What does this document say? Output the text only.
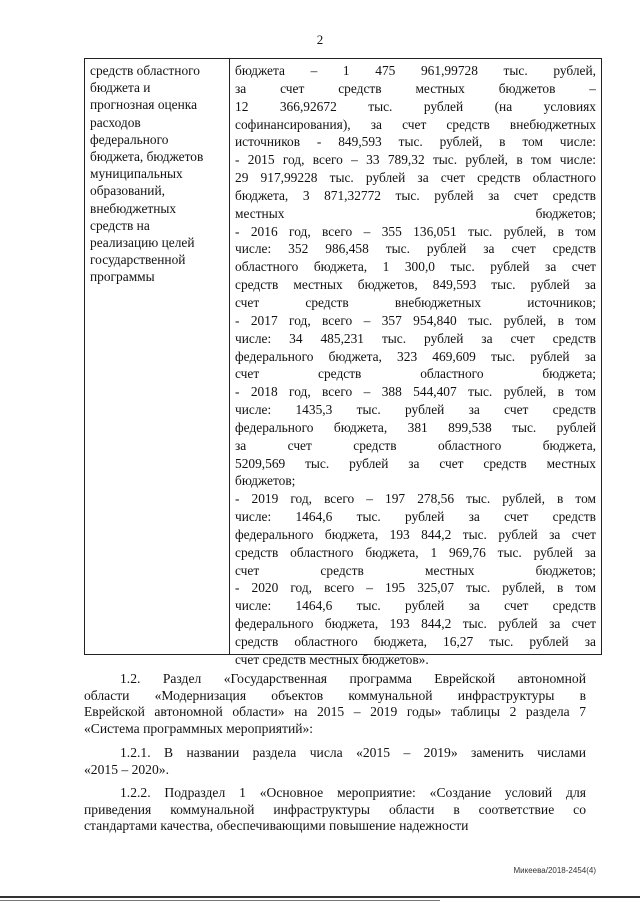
2
средств областного
бюджета и
прогнозная оценка
расходов
федерального
бюджета, бюджетов
муниципальных
образований,
внебюджетных
средств на
реализацию целей
государственной
программы
бюджета – 1 475 961,99728 тыс. рублей,
за счет средств местных бюджетов –
12 366,92672 тыс. рублей (на условиях
софинансирования), за счет средств внебюджетных
источников - 849,593 тыс. рублей, в том числе:
- 2015 год, всего – 33 789,32 тыс. рублей, в том числе:
29 917,99228 тыс. рублей за счет средств областного
бюджета, 3 871,32772 тыс. рублей за счет средств
местных бюджетов;
- 2016 год, всего – 355 136,051 тыс. рублей, в том
числе: 352 986,458 тыс. рублей за счет средств
областного бюджета, 1 300,0 тыс. рублей за счет
средств местных бюджетов, 849,593 тыс. рублей за
счет средств внебюджетных источников;
- 2017 год, всего – 357 954,840 тыс. рублей, в том
числе: 34 485,231 тыс. рублей за счет средств
федерального бюджета, 323 469,609 тыс. рублей за
счет средств областного бюджета;
- 2018 год, всего – 388 544,407 тыс. рублей, в том
числе: 1435,3 тыс. рублей за счет средств
федерального бюджета, 381 899,538 тыс. рублей
за счет средств областного бюджета,
5209,569 тыс. рублей за счет средств местных
бюджетов;
- 2019 год, всего – 197 278,56 тыс. рублей, в том
числе: 1464,6 тыс. рублей за счет средств
федерального бюджета, 193 844,2 тыс. рублей за счет
средств областного бюджета, 1 969,76 тыс. рублей за
счет средств местных бюджетов;
- 2020 год, всего – 195 325,07 тыс. рублей, в том
числе: 1464,6 тыс. рублей за счет средств
федерального бюджета, 193 844,2 тыс. рублей за счет
средств областного бюджета, 16,27 тыс. рублей за
счет средств местных бюджетов».
1.2. Раздел «Государственная программа Еврейской автономной
области «Модернизация объектов коммунальной инфраструктуры в
Еврейской автономной области» на 2015 – 2019 годы» таблицы 2 раздела 7
«Система программных мероприятий»:
1.2.1. В названии раздела числа «2015 – 2019» заменить числами
«2015 – 2020».
1.2.2. Подраздел 1 «Основное мероприятие: «Создание условий для
приведения коммунальной инфраструктуры области в соответствие со
стандартами качества, обеспечивающими повышение надежности
Микеева/2018-2454(4)
